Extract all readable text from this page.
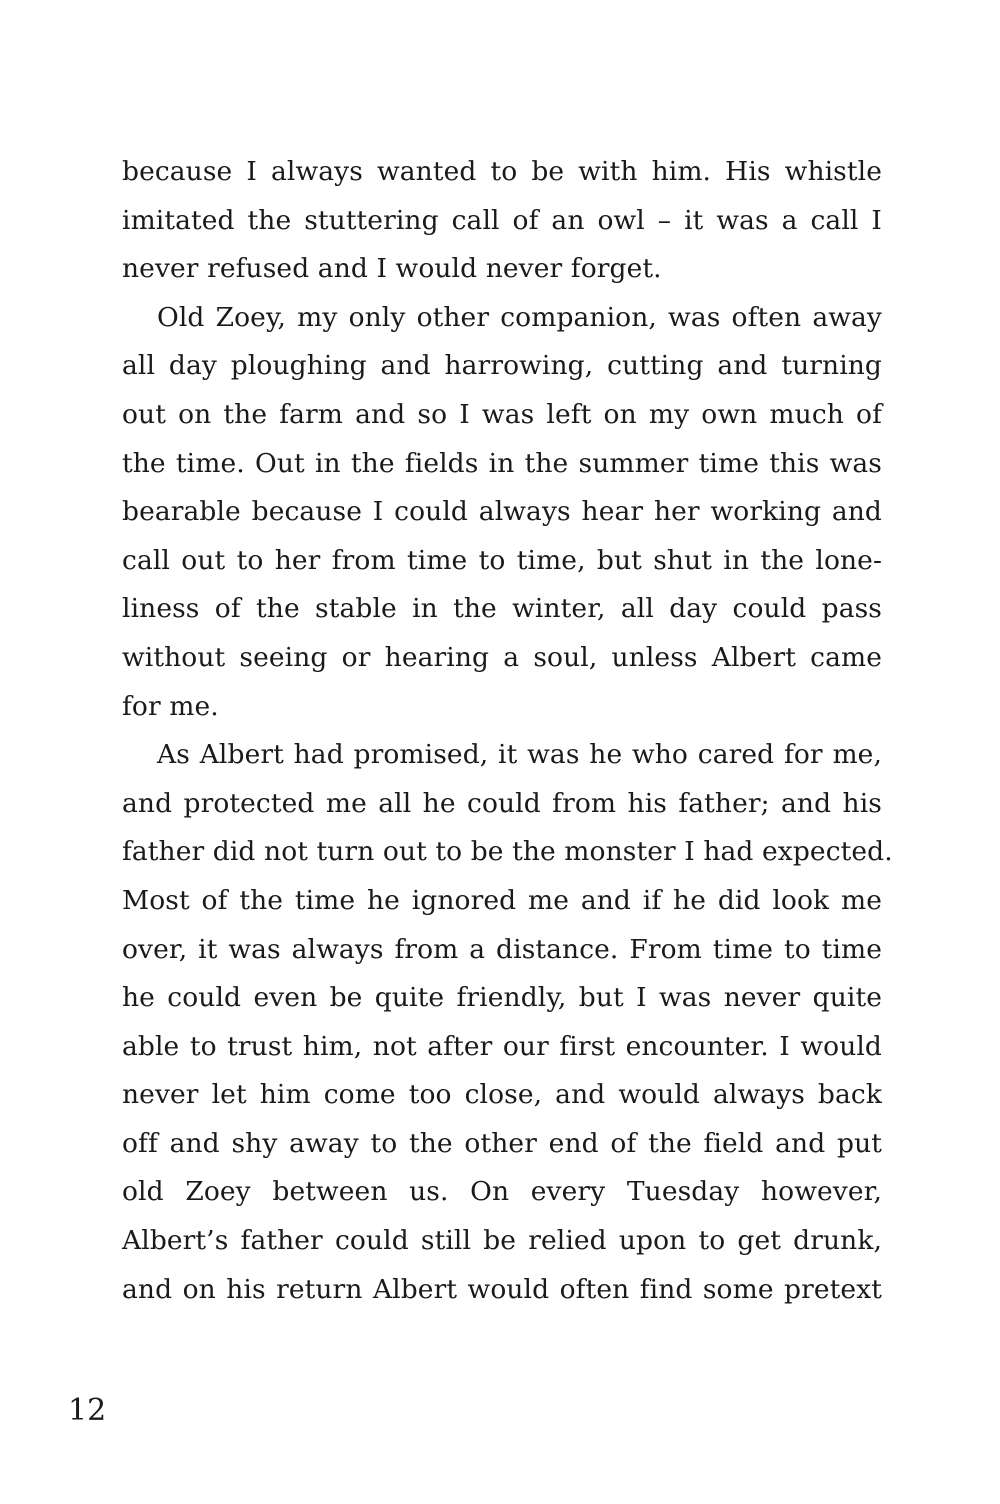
because I always wanted to be with him. His whistle
imitated the stuttering call of an owl – it was a call I
never refused and I would never forget.
Old Zoey, my only other companion, was often away
all day ploughing and harrowing, cutting and turning
out on the farm and so I was left on my own much of
the time. Out in the fields in the summer time this was
bearable because I could always hear her working and
call out to her from time to time, but shut in the lone-
liness of the stable in the winter, all day could pass
without seeing or hearing a soul, unless Albert came
for me.
As Albert had promised, it was he who cared for me,
and protected me all he could from his father; and his
father did not turn out to be the monster I had expected.
Most of the time he ignored me and if he did look me
over, it was always from a distance. From time to time
he could even be quite friendly, but I was never quite
able to trust him, not after our first encounter. I would
never let him come too close, and would always back
off and shy away to the other end of the field and put
old Zoey between us. On every Tuesday however,
Albert’s father could still be relied upon to get drunk,
and on his return Albert would often find some pretext
12
